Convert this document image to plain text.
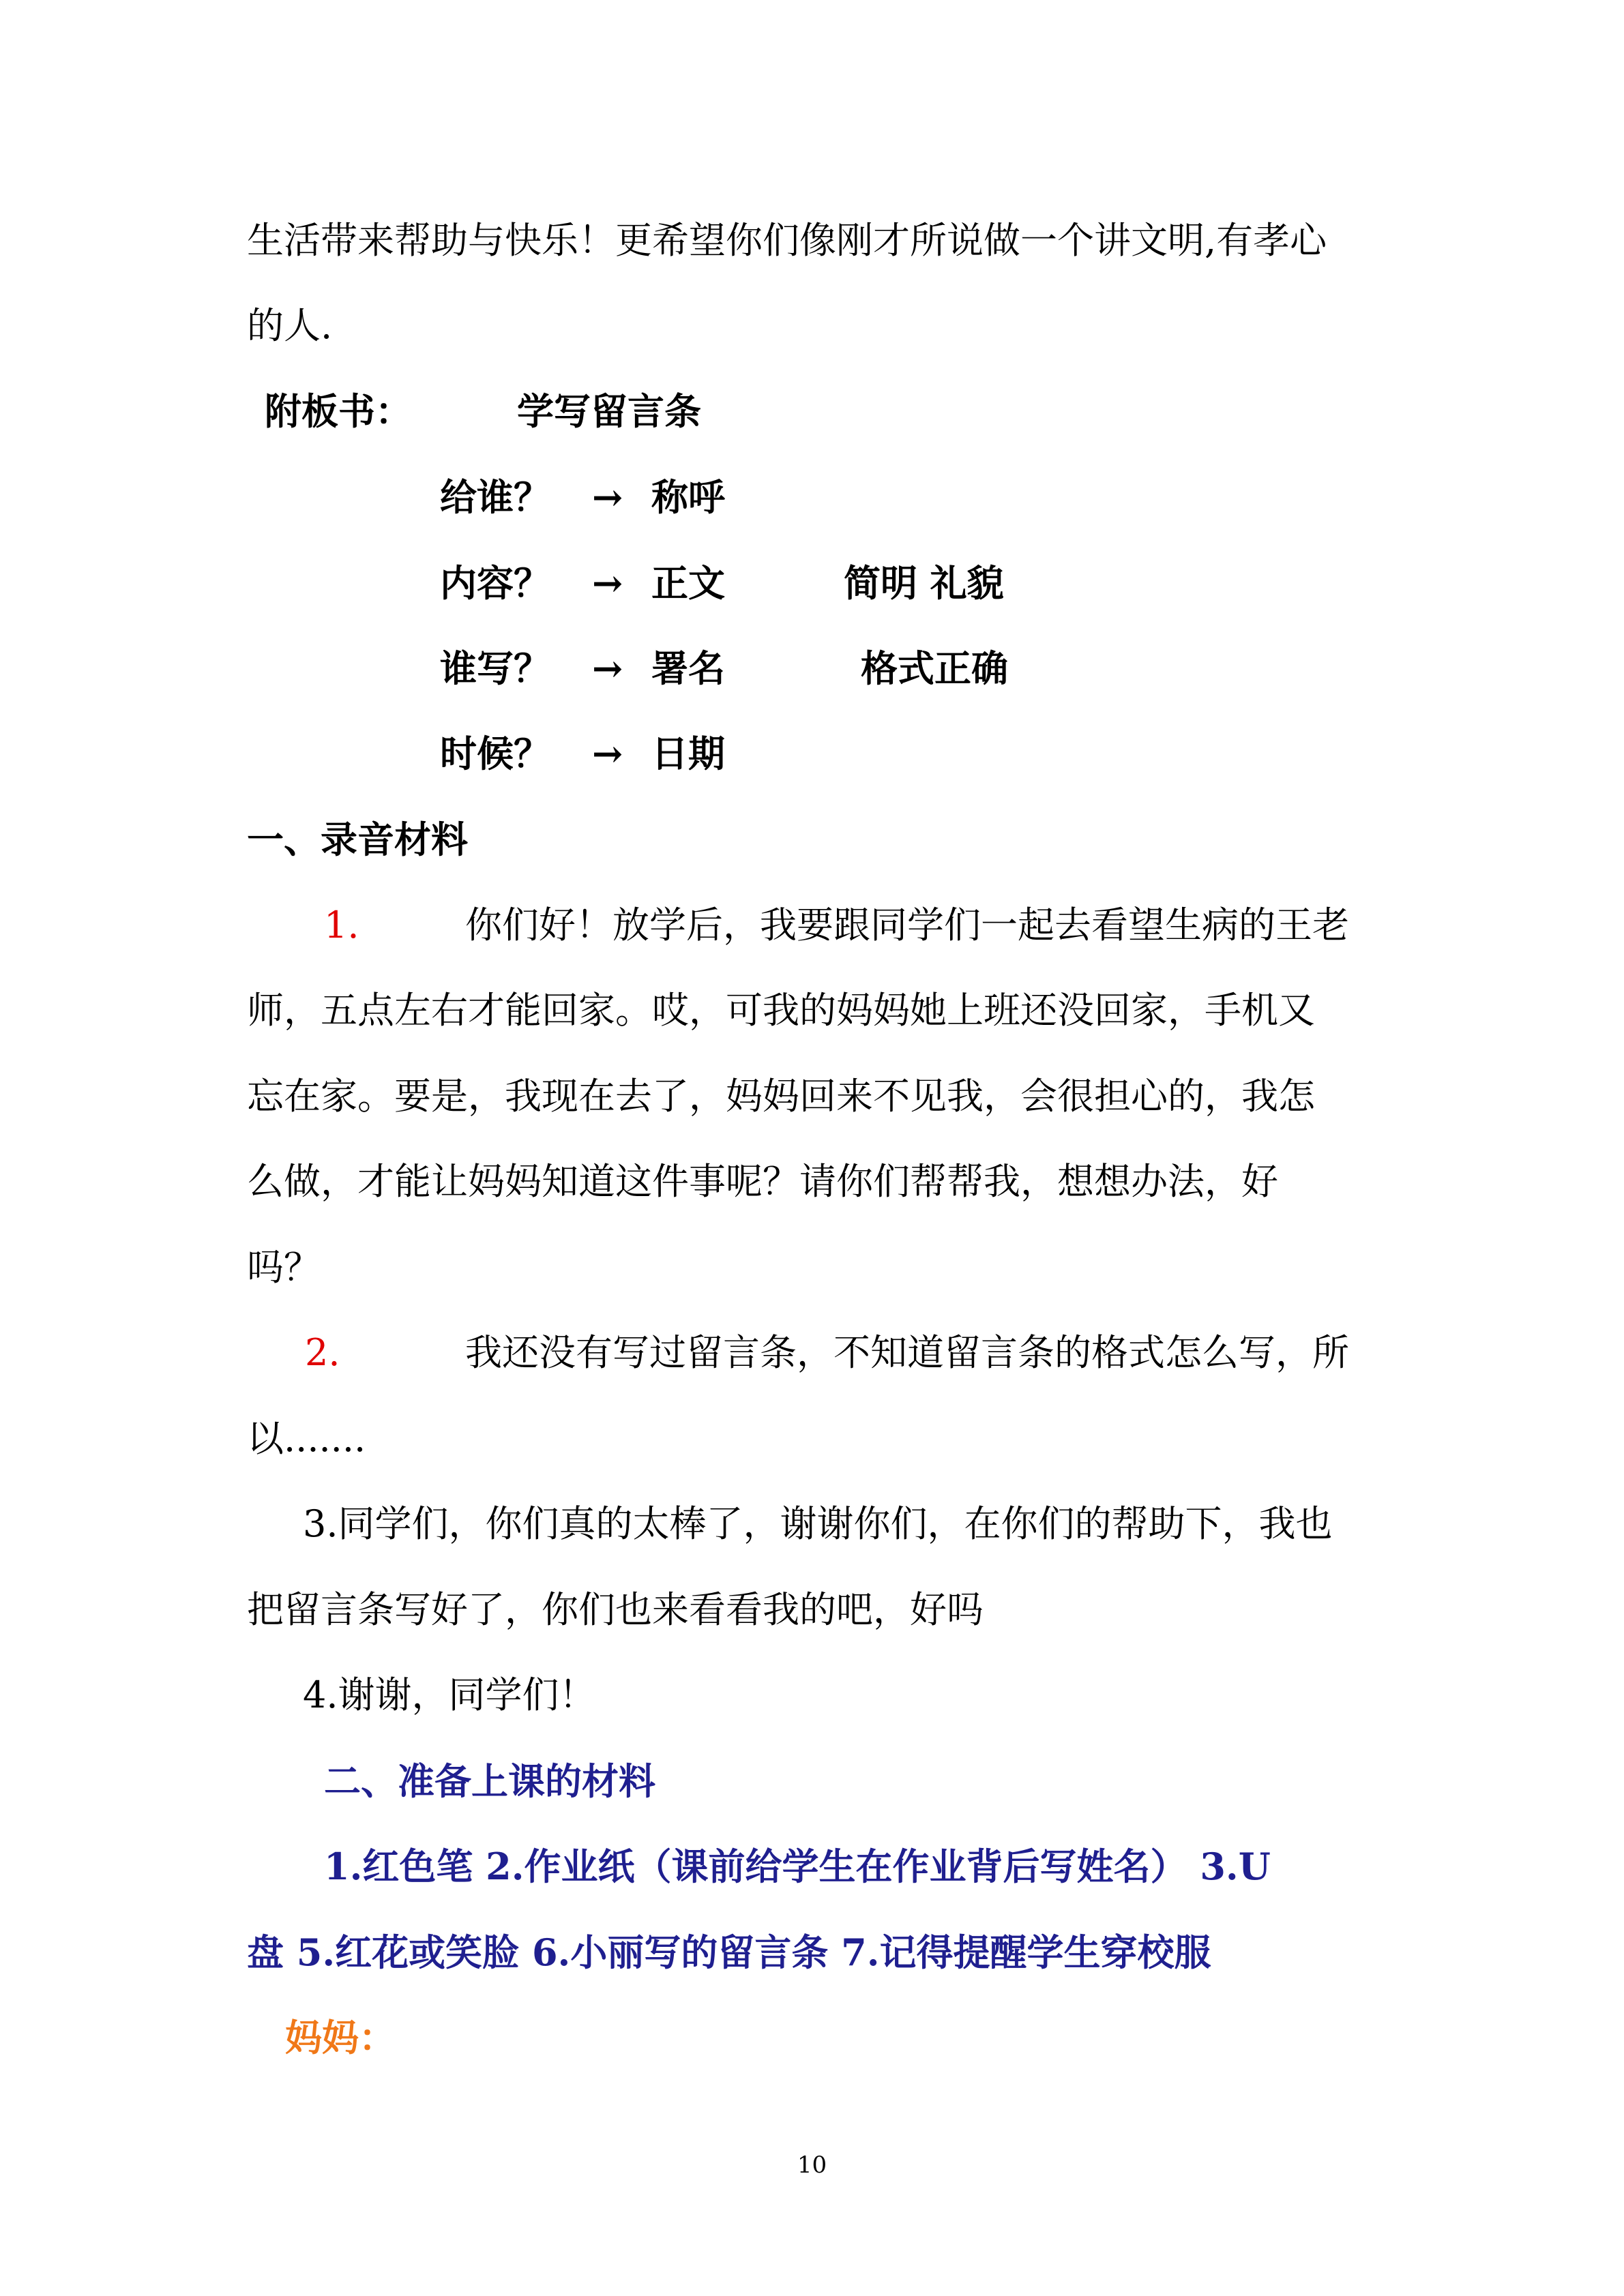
生活带来帮助与快乐！更希望你们像刚才所说做一个讲文明,有孝心
的人.
附板书：	学写留言条
给谁？ → 称呼
内容？ → 正文	简明 礼貌
谁写？ → 署名	格式正确
时候？ → 日期
一、录音材料
1.	你们好！放学后，我要跟同学们一起去看望生病的王老
师，五点左右才能回家。哎，可我的妈妈她上班还没回家，手机又
忘在家。要是，我现在去了，妈妈回来不见我，会很担心的，我怎
么做，才能让妈妈知道这件事呢？请你们帮帮我，想想办法，好
吗？
2.	我还没有写过留言条，不知道留言条的格式怎么写，所
以.......
3.同学们，你们真的太棒了，谢谢你们，在你们的帮助下，我也
把留言条写好了，你们也来看看我的吧，好吗
4.谢谢，同学们！
二、准备上课的材料
1.红色笔 2.作业纸（课前给学生在作业背后写姓名） 3.U
盘 5.红花或笑脸 6.小丽写的留言条 7.记得提醒学生穿校服
妈妈：
10
